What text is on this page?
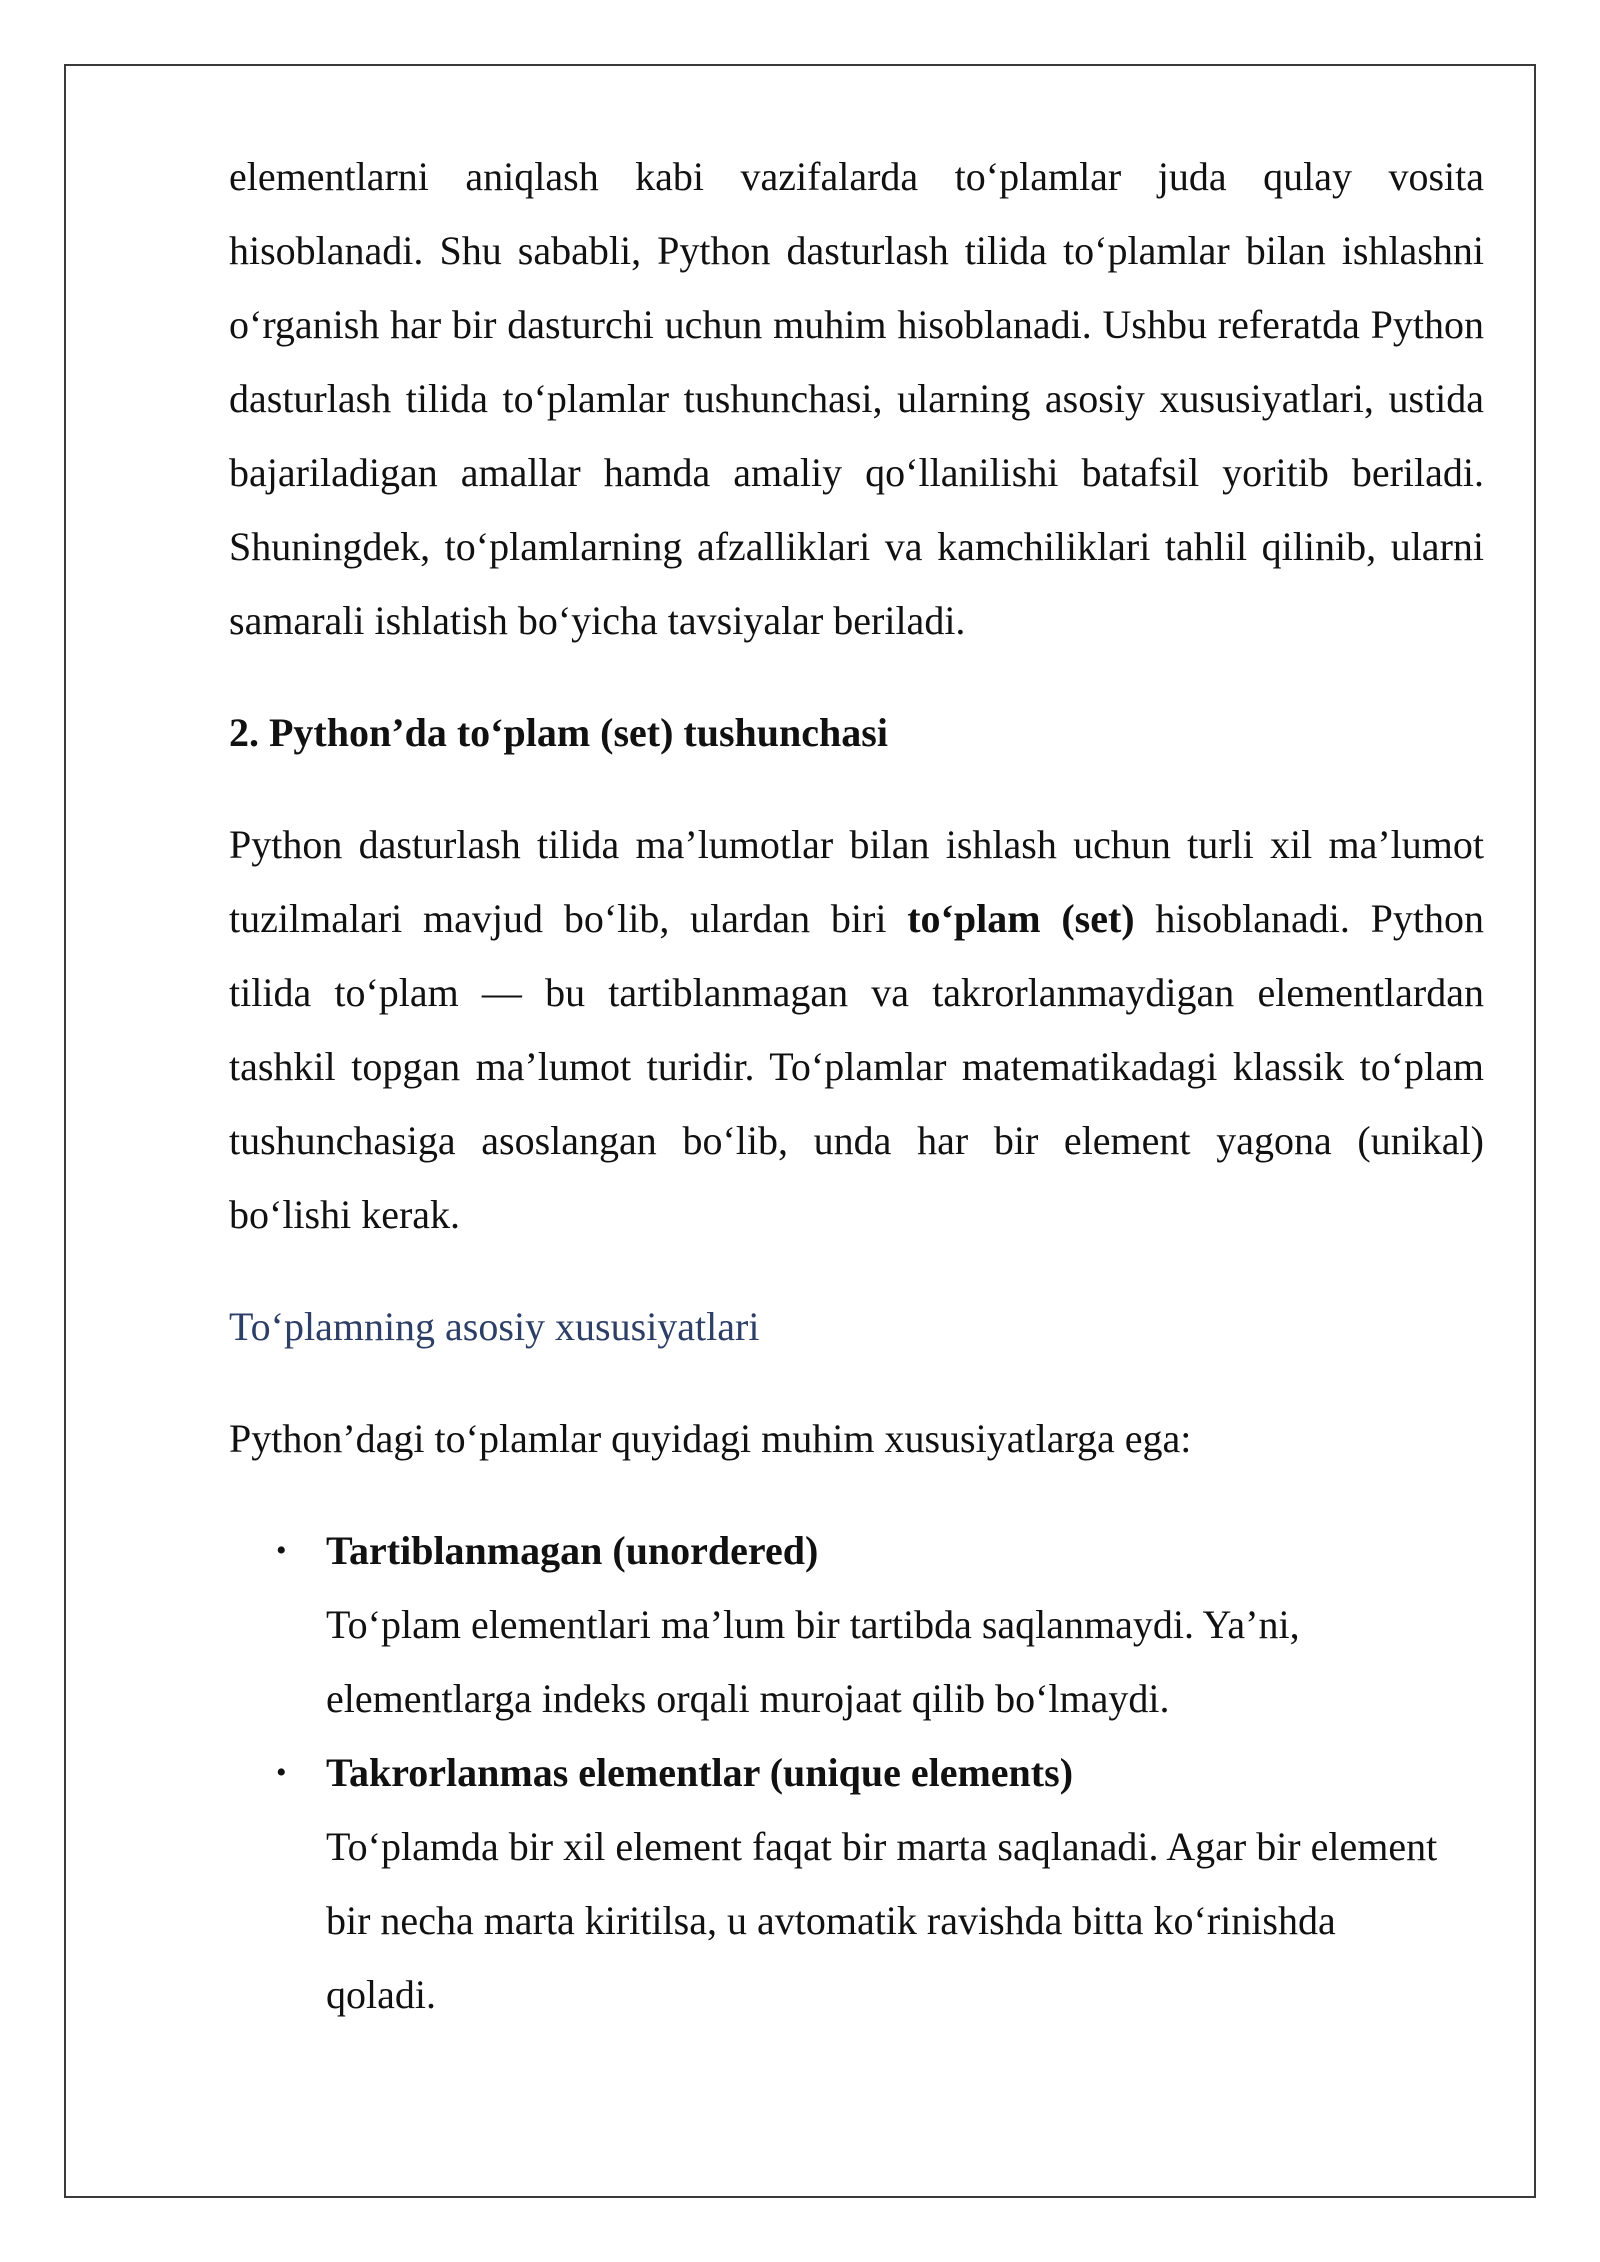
elementlarni aniqlash kabi vazifalarda to‘plamlar juda qulay vosita hisoblanadi. Shu sababli, Python dasturlash tilida to‘plamlar bilan ishlashni o‘rganish har bir dasturchi uchun muhim hisoblanadi. Ushbu referatda Python dasturlash tilida to‘plamlar tushunchasi, ularning asosiy xususiyatlari, ustida bajariladigan amallar hamda amaliy qo‘llanilishi batafsil yoritib beriladi. Shuningdek, to‘plamlarning afzalliklari va kamchiliklari tahlil qilinib, ularni samarali ishlatish bo‘yicha tavsiyalar beriladi.

2. Python’da to‘plam (set) tushunchasi

Python dasturlash tilida ma’lumotlar bilan ishlash uchun turli xil ma’lumot tuzilmalari mavjud bo‘lib, ulardan biri to‘plam (set) hisoblanadi. Python tilida to‘plam — bu tartiblanmagan va takrorlanmaydigan elementlardan tashkil topgan ma’lumot turidir. To‘plamlar matematikadagi klassik to‘plam tushunchasiga asoslangan bo‘lib, unda har bir element yagona (unikal) bo‘lishi kerak.

To‘plamning asosiy xususiyatlari

Python’dagi to‘plamlar quyidagi muhim xususiyatlarga ega:

• Tartiblanmagan (unordered)
To‘plam elementlari ma’lum bir tartibda saqlanmaydi. Ya’ni, elementlarga indeks orqali murojaat qilib bo‘lmaydi.
• Takrorlanmas elementlar (unique elements)
To‘plamda bir xil element faqat bir marta saqlanadi. Agar bir element bir necha marta kiritilsa, u avtomatik ravishda bitta ko‘rinishda qoladi.
